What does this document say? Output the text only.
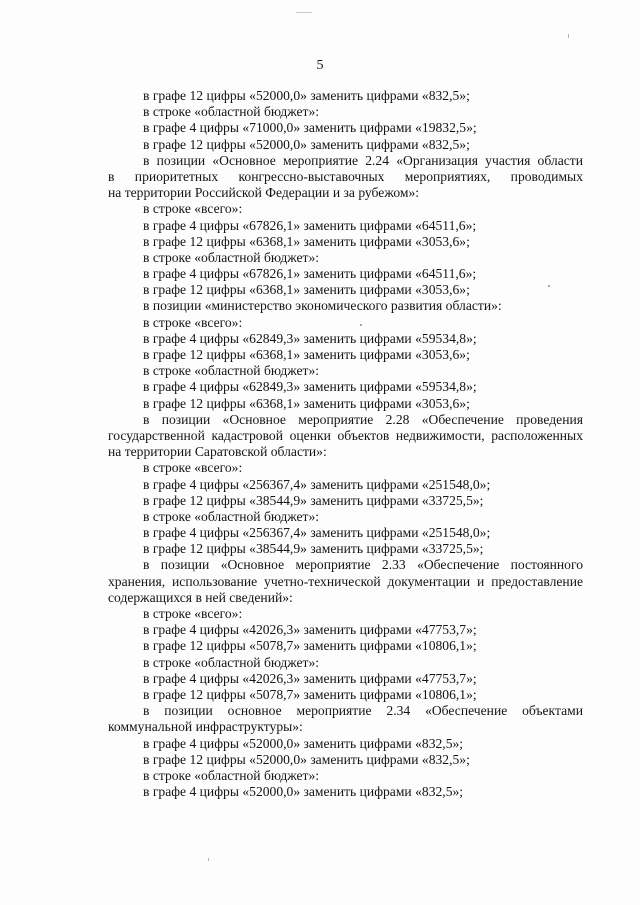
5
в графе 12 цифры «52000,0» заменить цифрами «832,5»;
в строке «областной бюджет»:
в графе 4 цифры «71000,0» заменить цифрами «19832,5»;
в графе 12 цифры «52000,0» заменить цифрами «832,5»;
в позиции «Основное мероприятие 2.24 «Организация участия области
в приоритетных конгрессно-выставочных мероприятиях, проводимых
на территории Российской Федерации и за рубежом»:
в строке «всего»:
в графе 4 цифры «67826,1» заменить цифрами «64511,6»;
в графе 12 цифры «6368,1» заменить цифрами «3053,6»;
в строке «областной бюджет»:
в графе 4 цифры «67826,1» заменить цифрами «64511,6»;
в графе 12 цифры «6368,1» заменить цифрами «3053,6»;
в позиции «министерство экономического развития области»:
в строке «всего»:
в графе 4 цифры «62849,3» заменить цифрами «59534,8»;
в графе 12 цифры «6368,1» заменить цифрами «3053,6»;
в строке «областной бюджет»:
в графе 4 цифры «62849,3» заменить цифрами «59534,8»;
в графе 12 цифры «6368,1» заменить цифрами «3053,6»;
в позиции «Основное мероприятие 2.28 «Обеспечение проведения
государственной кадастровой оценки объектов недвижимости, расположенных
на территории Саратовской области»:
в строке «всего»:
в графе 4 цифры «256367,4» заменить цифрами «251548,0»;
в графе 12 цифры «38544,9» заменить цифрами «33725,5»;
в строке «областной бюджет»:
в графе 4 цифры «256367,4» заменить цифрами «251548,0»;
в графе 12 цифры «38544,9» заменить цифрами «33725,5»;
в позиции «Основное мероприятие 2.33 «Обеспечение постоянного
хранения, использование учетно-технической документации и предоставление
содержащихся в ней сведений»:
в строке «всего»:
в графе 4 цифры «42026,3» заменить цифрами «47753,7»;
в графе 12 цифры «5078,7» заменить цифрами «10806,1»;
в строке «областной бюджет»:
в графе 4 цифры «42026,3» заменить цифрами «47753,7»;
в графе 12 цифры «5078,7» заменить цифрами «10806,1»;
в позиции основное мероприятие 2.34 «Обеспечение объектами
коммунальной инфраструктуры»:
в графе 4 цифры «52000,0» заменить цифрами «832,5»;
в графе 12 цифры «52000,0» заменить цифрами «832,5»;
в строке «областной бюджет»:
в графе 4 цифры «52000,0» заменить цифрами «832,5»;
